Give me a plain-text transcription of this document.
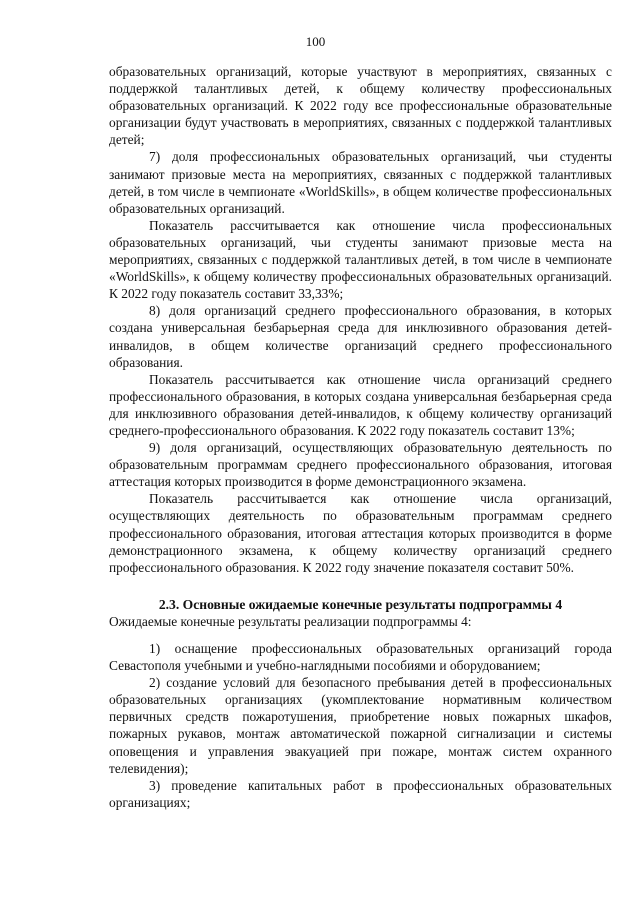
100

образовательных организаций, которые участвуют в мероприятиях, связанных с поддержкой талантливых детей, к общему количеству профессиональных образовательных организаций. К 2022 году все профессиональные образовательные организации будут участвовать в мероприятиях, связанных с поддержкой талантливых детей;

7) доля профессиональных образовательных организаций, чьи студенты занимают призовые места на мероприятиях, связанных с поддержкой талантливых детей, в том числе в чемпионате «WorldSkills», в общем количестве профессиональных образовательных организаций.

Показатель рассчитывается как отношение числа профессиональных образовательных организаций, чьи студенты занимают призовые места на мероприятиях, связанных с поддержкой талантливых детей, в том числе в чемпионате «WorldSkills», к общему количеству профессиональных образовательных организаций. К 2022 году показатель составит 33,33%;

8) доля организаций среднего профессионального образования, в которых создана универсальная безбарьерная среда для инклюзивного образования детей-инвалидов, в общем количестве организаций среднего профессионального образования.

Показатель рассчитывается как отношение числа организаций среднего профессионального образования, в которых создана универсальная безбарьерная среда для инклюзивного образования детей-инвалидов, к общему количеству организаций среднего-профессионального образования. К 2022 году показатель составит 13%;

9) доля организаций, осуществляющих образовательную деятельность по образовательным программам среднего профессионального образования, итоговая аттестация которых производится в форме демонстрационного экзамена.

Показатель рассчитывается как отношение числа организаций, осуществляющих деятельность по образовательным программам среднего профессионального образования, итоговая аттестация которых производится в форме демонстрационного экзамена, к общему количеству организаций среднего профессионального образования. К 2022 году значение показателя составит 50%.

2.3. Основные ожидаемые конечные результаты подпрограммы 4

Ожидаемые конечные результаты реализации подпрограммы 4:

1) оснащение профессиональных образовательных организаций города Севастополя учебными и учебно-наглядными пособиями и оборудованием;

2) создание условий для безопасного пребывания детей в профессиональных образовательных организациях (укомплектование нормативным количеством первичных средств пожаротушения, приобретение новых пожарных шкафов, пожарных рукавов, монтаж автоматической пожарной сигнализации и системы оповещения и управления эвакуацией при пожаре, монтаж систем охранного телевидения);

3) проведение капитальных работ в профессиональных образовательных организациях;
